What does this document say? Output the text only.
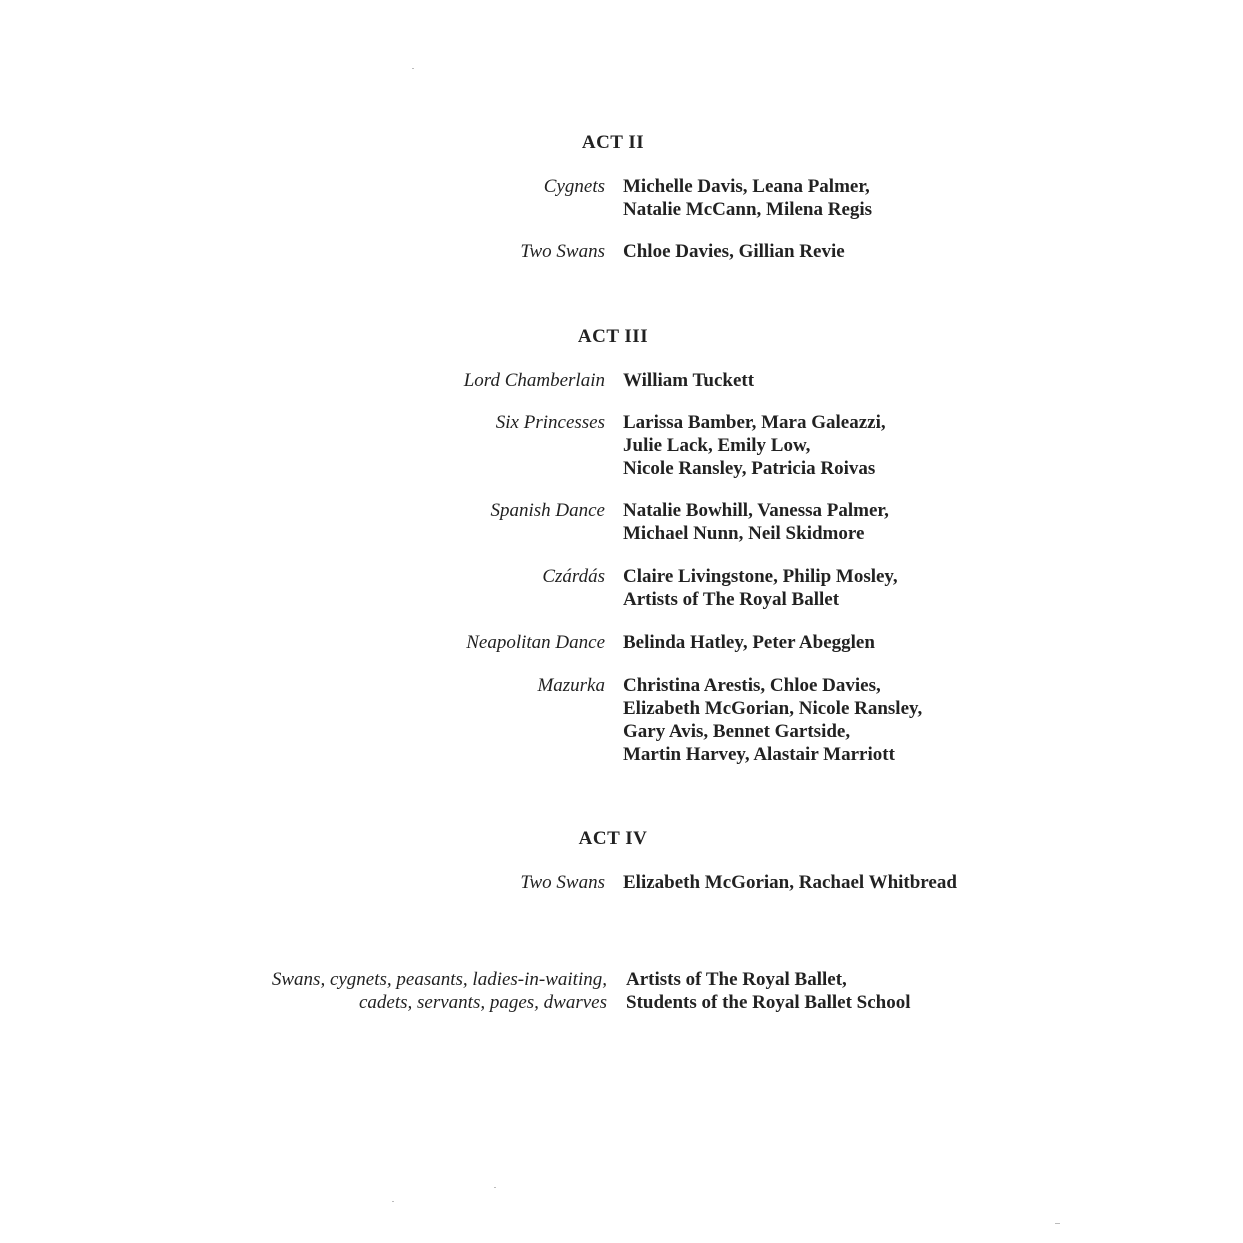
ACT II
Cygnets Michelle Davis, Leana Palmer,
Natalie McCann, Milena Regis
Two Swans Chloe Davies, Gillian Revie
ACT III
Lord Chamberlain William Tuckett
Six Princesses Larissa Bamber, Mara Galeazzi,
Julie Lack, Emily Low,
Nicole Ransley, Patricia Roivas
Spanish Dance Natalie Bowhill, Vanessa Palmer,
Michael Nunn, Neil Skidmore
Czárdás Claire Livingstone, Philip Mosley,
Artists of The Royal Ballet
Neapolitan Dance Belinda Hatley, Peter Abegglen
Mazurka Christina Arestis, Chloe Davies,
Elizabeth McGorian, Nicole Ransley,
Gary Avis, Bennet Gartside,
Martin Harvey, Alastair Marriott
ACT IV
Two Swans Elizabeth McGorian, Rachael Whitbread
Swans, cygnets, peasants, ladies-in-waiting,
cadets, servants, pages, dwarves
Artists of The Royal Ballet,
Students of the Royal Ballet School
